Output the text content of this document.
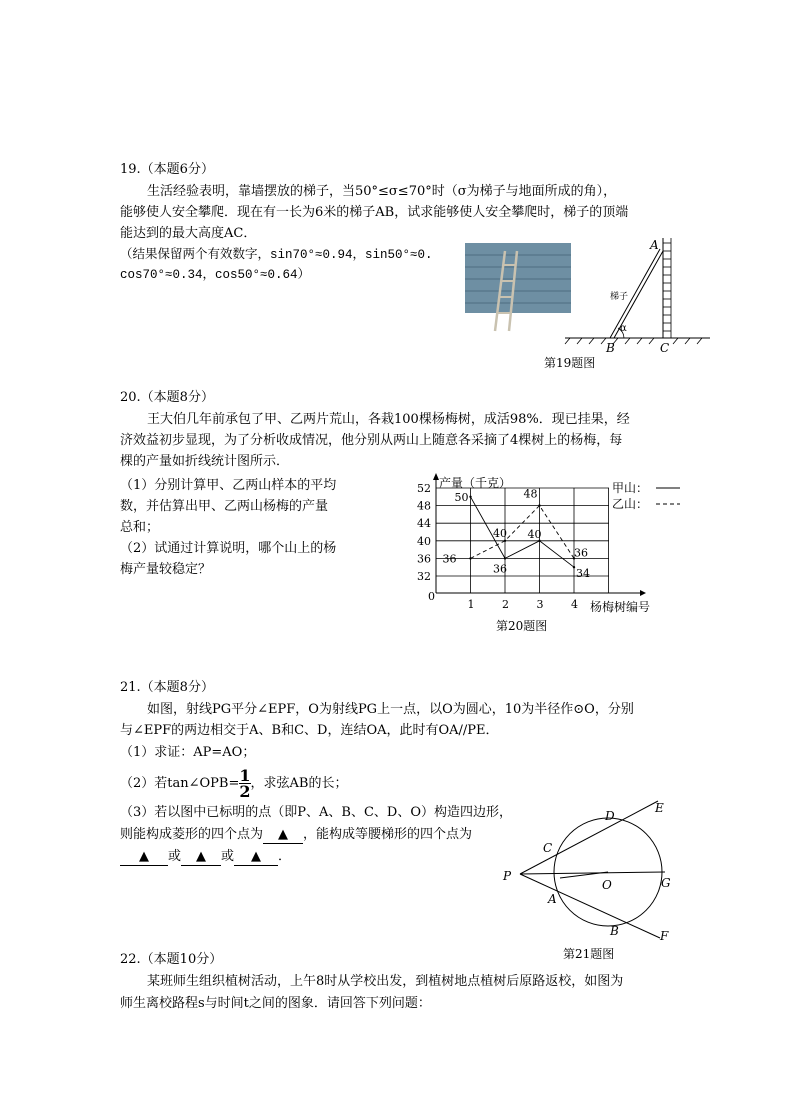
19.（本题6分）
生活经验表明，靠墙摆放的梯子，当50°≤σ≤70°时（σ为梯子与地面所成的角），
能够使人安全攀爬．现在有一长为6米的梯子AB，试求能够使人安全攀爬时，梯子的顶端
能达到的最大高度AC．
（结果保留两个有效数字，sin70°≈0.94，sin50°≈0.
cos70°≈0.34，cos50°≈0.64）
A
B	C
α
梯子
第19题图
20.（本题8分）
王大伯几年前承包了甲、乙两片荒山，各栽100棵杨梅树，成活98%．现已挂果，经
济效益初步显现，为了分析收成情况，他分别从两山上随意各采摘了4棵树上的杨梅，每
棵的产量如折线统计图所示．
（1）分别计算甲、乙两山样本的平均
数，并估算出甲、乙两山杨梅的产量
总和；
（2）试通过计算说明，哪个山上的杨
梅产量较稳定？
产量（千克）
杨梅树编号
0
32
36
40
44
48
52
1	2	3	4
50
36
40
34
36
40
48
36
甲山：
乙山：
第20题图
21.（本题8分）
如图，射线PG平分∠EPF，O为射线PG上一点，以O为圆心，10为半径作⊙O，分别
与∠EPF的两边相交于A、B和C、D，连结OA，此时有OA//PE．
（1）求证：AP=AO；
（2）若tan∠OPB= $\frac{1}{2}$ ，求弦AB的长；
（3）若以图中已标明的点（即P、A、B、C、D、O）构造四边形，
则能构成菱形的四个点为 ▲ ，能构成等腰梯形的四个点为
▲ 或 ▲ 或 ▲ ．
P
A
B
C
D
E
F
G
O
第21题图
22.（本题10分）
某班师生组织植树活动，上午8时从学校出发，到植树地点植树后原路返校，如图为
师生离校路程s与时间t之间的图象．请回答下列问题：
